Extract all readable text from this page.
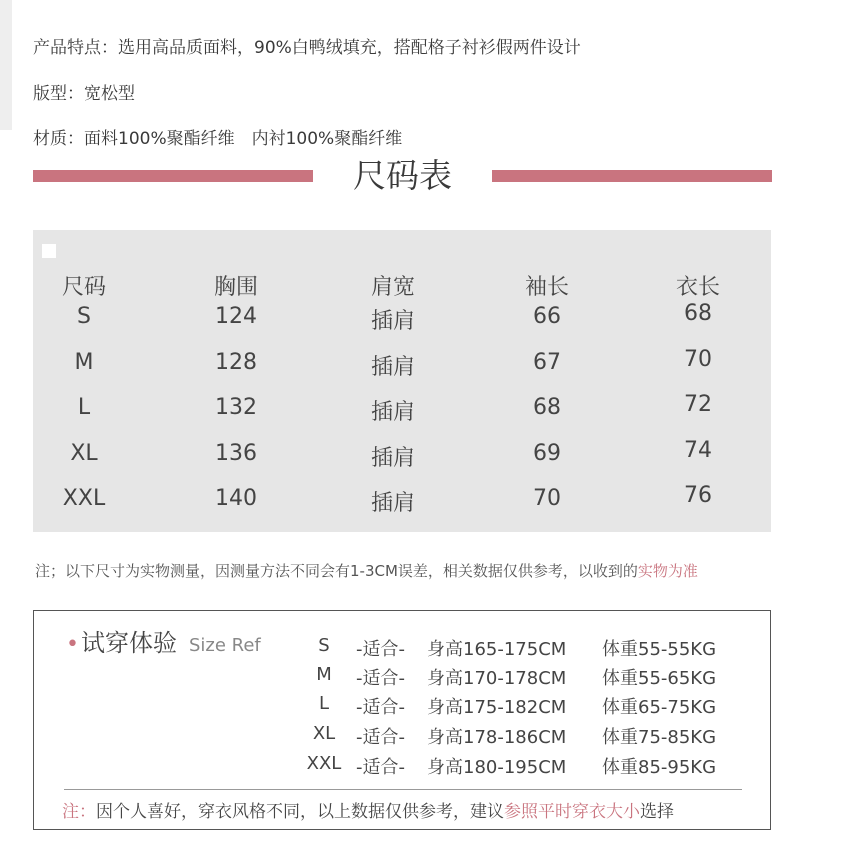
产品特点：选用高品质面料，90%白鸭绒填充，搭配格子衬衫假两件设计
版型：宽松型
材质：面料100%聚酯纤维　内衬100%聚酯纤维
尺码表
尺码	胸围	肩宽	袖长	衣长
S	124	插肩	66	68
M	128	插肩	67	70
L	132	插肩	68	72
XL	136	插肩	69	74
XXL	140	插肩	70	76
注；以下尺寸为实物测量，因测量方法不同会有1-3CM误差，相关数据仅供参考，以收到的实物为准
•试穿体验 Size Ref	S	-适合- 身高165-175CM 体重55-55KG
M	-适合- 身高170-178CM 体重55-65KG
L	-适合- 身高175-182CM 体重65-75KG
XL	-适合- 身高178-186CM 体重75-85KG
XXL -适合- 身高180-195CM 体重85-95KG
注：因个人喜好，穿衣风格不同，以上数据仅供参考，建议参照平时穿衣大小选择
